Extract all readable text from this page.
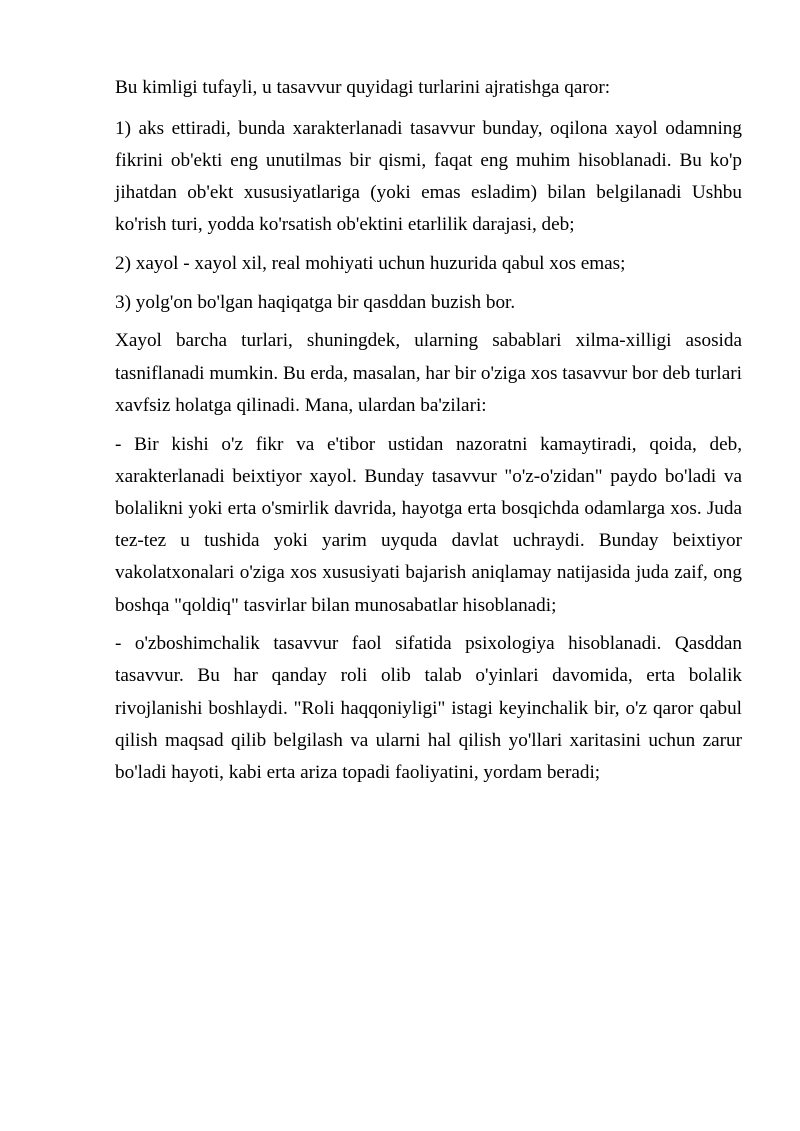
Bu kimligi tufayli, u tasavvur quyidagi turlarini ajratishga qaror:

1) aks ettiradi, bunda xarakterlanadi tasavvur bunday, oqilona xayol odamning fikrini ob'ekti eng unutilmas bir qismi, faqat eng muhim hisoblanadi. Bu ko'p jihatdan ob'ekt xususiyatlariga (yoki emas esladim) bilan belgilanadi Ushbu ko'rish turi, yodda ko'rsatish ob'ektini etarlilik darajasi, deb;

2) xayol - xayol xil, real mohiyati uchun huzurida qabul xos emas;

3) yolg'on bo'lgan haqiqatga bir qasddan buzish bor.

Xayol barcha turlari, shuningdek, ularning sabablari xilma-xilligi asosida tasniflanadi mumkin. Bu erda, masalan, har bir o'ziga xos tasavvur bor deb turlari xavfsiz holatga qilinadi. Mana, ulardan ba'zilari:

- Bir kishi o'z fikr va e'tibor ustidan nazoratni kamaytiradi, qoida, deb, xarakterlanadi beixtiyor xayol. Bunday tasavvur "o'z-o'zidan" paydo bo'ladi va bolalikni yoki erta o'smirlik davrida, hayotga erta bosqichda odamlarga xos. Juda tez-tez u tushida yoki yarim uyquda davlat uchraydi. Bunday beixtiyor vakolatxonalari o'ziga xos xususiyati bajarish aniqlamay natijasida juda zaif, ong boshqa "qoldiq" tasvirlar bilan munosabatlar hisoblanadi;

- o'zboshimchalik tasavvur faol sifatida psixologiya hisoblanadi. Qasddan tasavvur. Bu har qanday roli olib talab o'yinlari davomida, erta bolalik rivojlanishi boshlaydi. "Roli haqqoniyligi" istagi keyinchalik bir, o'z qaror qabul qilish maqsad qilib belgilash va ularni hal qilish yo'llari xaritasini uchun zarur bo'ladi hayoti, kabi erta ariza topadi faoliyatini, yordam beradi;
